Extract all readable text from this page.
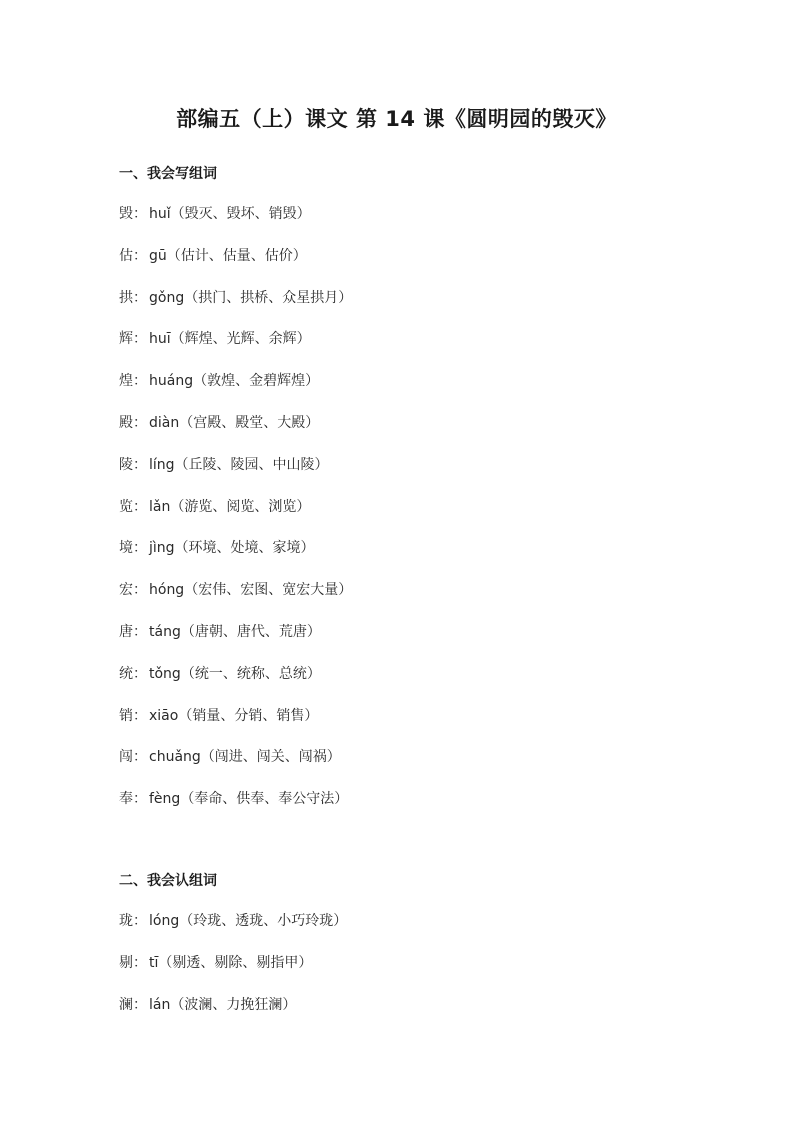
部编五（上）课文 第 14 课《圆明园的毁灭》
一、我会写组词
毁： huǐ（毁灭、毁坏、销毁）
估： gū（估计、估量、估价）
拱： gǒng（拱门、拱桥、众星拱月）
辉： huī（辉煌、光辉、余辉）
煌： huáng（敦煌、金碧辉煌）
殿： diàn（宫殿、殿堂、大殿）
陵： líng（丘陵、陵园、中山陵）
览： lǎn（游览、阅览、浏览）
境： jìng（环境、处境、家境）
宏： hóng（宏伟、宏图、宽宏大量）
唐： táng（唐朝、唐代、荒唐）
统： tǒng（统一、统称、总统）
销： xiāo（销量、分销、销售）
闯： chuǎng（闯进、闯关、闯祸）
奉： fèng（奉命、供奉、奉公守法）
二、我会认组词
珑： lóng（玲珑、透珑、小巧玲珑）
剔： tī（剔透、剔除、剔指甲）
澜： lán（波澜、力挽狂澜）
